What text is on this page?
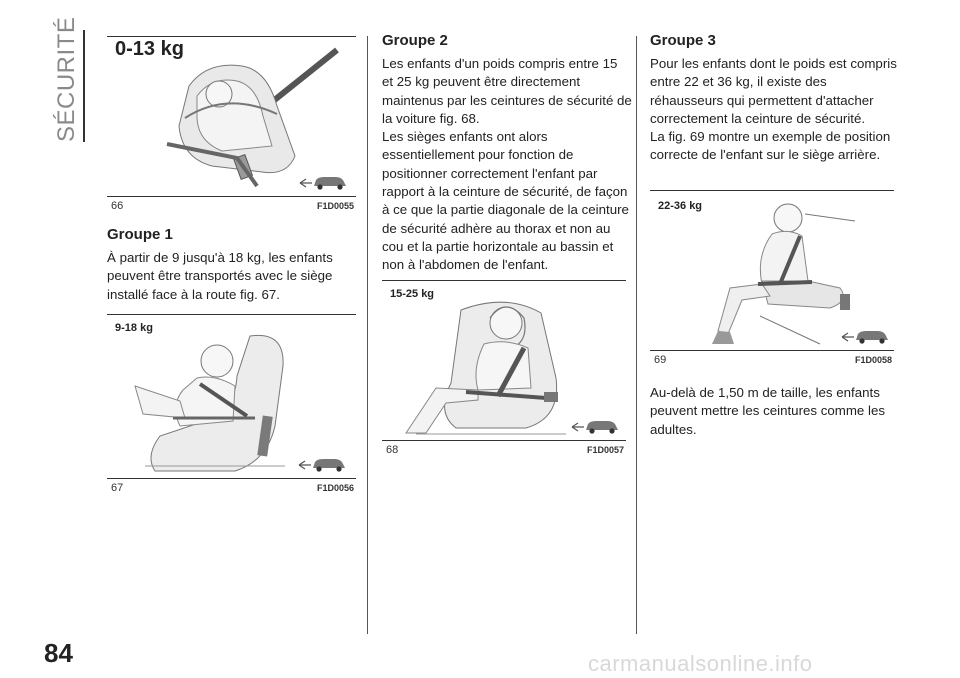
SÉCURITÉ 0-13 kg
66	F1D0055
Groupe 1
À partir de 9 jusqu'à 18 kg, les enfants peuvent être transportés avec le siège installé face à la route fig. 67.
9-18 kg
67	F1D0056
Groupe 2
Les enfants d'un poids compris entre 15 et 25 kg peuvent être directement maintenus par les ceintures de sécurité de la voiture fig. 68.
Les sièges enfants ont alors essentiellement pour fonction de positionner correctement l'enfant par rapport à la ceinture de sécurité, de façon à ce que la partie diagonale de la ceinture de sécurité adhère au thorax et non au cou et la partie horizontale au bassin et non à l'abdomen de l'enfant.
15-25 kg
68	F1D0057
Groupe 3
Pour les enfants dont le poids est compris entre 22 et 36 kg, il existe des réhausseurs qui permettent d'attacher correctement la ceinture de sécurité.
La fig. 69 montre un exemple de position correcte de l'enfant sur le siège arrière.
22-36 kg
69	F1D0058
Au-delà de 1,50 m de taille, les enfants peuvent mettre les ceintures comme les adultes.
84	carmanualsonline.info
